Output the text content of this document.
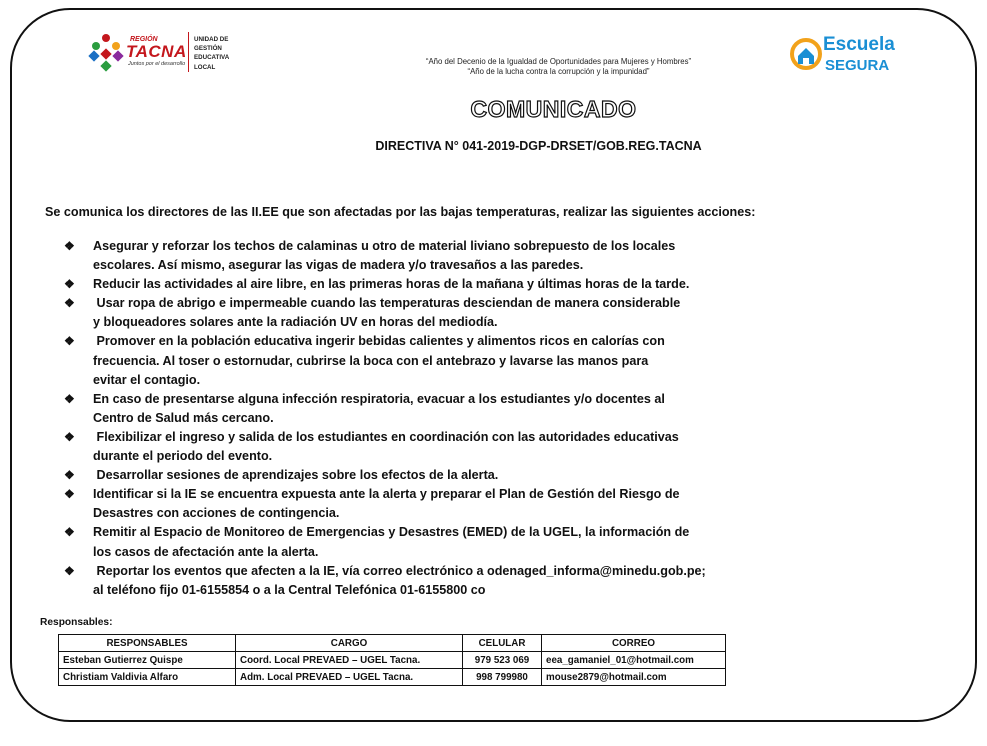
REGIÓN
TACNA
Juntos por el desarrollo
UNIDAD DE
GESTIÓN
EDUCATIVA
LOCAL
“Año del Decenio de la Igualdad de Oportunidades para Mujeres y Hombres”
“Año de la lucha contra la corrupción y la impunidad”
Escuela
SEGURA
COMUNICADO
DIRECTIVA N° 041-2019-DGP-DRSET/GOB.REG.TACNA
Se comunica los directores de las II.EE que son afectadas por las bajas temperaturas, realizar las siguientes acciones:
❖ Asegurar y reforzar los techos de calaminas u otro de material liviano sobrepuesto de los locales
escolares. Así mismo, asegurar las vigas de madera y/o travesaños a las paredes.
❖ Reducir las actividades al aire libre, en las primeras horas de la mañana y últimas horas de la tarde.
❖ Usar ropa de abrigo e impermeable cuando las temperaturas desciendan de manera considerable
y bloqueadores solares ante la radiación UV en horas del mediodía.
❖ Promover en la población educativa ingerir bebidas calientes y alimentos ricos en calorías con
frecuencia. Al toser o estornudar, cubrirse la boca con el antebrazo y lavarse las manos para
evitar el contagio.
❖ En caso de presentarse alguna infección respiratoria, evacuar a los estudiantes y/o docentes al
Centro de Salud más cercano.
❖ Flexibilizar el ingreso y salida de los estudiantes en coordinación con las autoridades educativas
durante el periodo del evento.
❖ Desarrollar sesiones de aprendizajes sobre los efectos de la alerta.
❖ Identificar si la IE se encuentra expuesta ante la alerta y preparar el Plan de Gestión del Riesgo de
Desastres con acciones de contingencia.
❖ Remitir al Espacio de Monitoreo de Emergencias y Desastres (EMED) de la UGEL, la información de
los casos de afectación ante la alerta.
❖ Reportar los eventos que afecten a la IE, vía correo electrónico a odenaged_informa@minedu.gob.pe;
al teléfono fijo 01-6155854 o a la Central Telefónica 01-6155800 co
Responsables:
RESPONSABLES	CARGO	CELULAR	CORREO
Esteban Gutierrez Quispe	Coord. Local PREVAED – UGEL Tacna.	979 523 069	eea_gamaniel_01@hotmail.com
Christiam Valdivia Alfaro	Adm. Local PREVAED – UGEL Tacna.	998 799980	mouse2879@hotmail.com
